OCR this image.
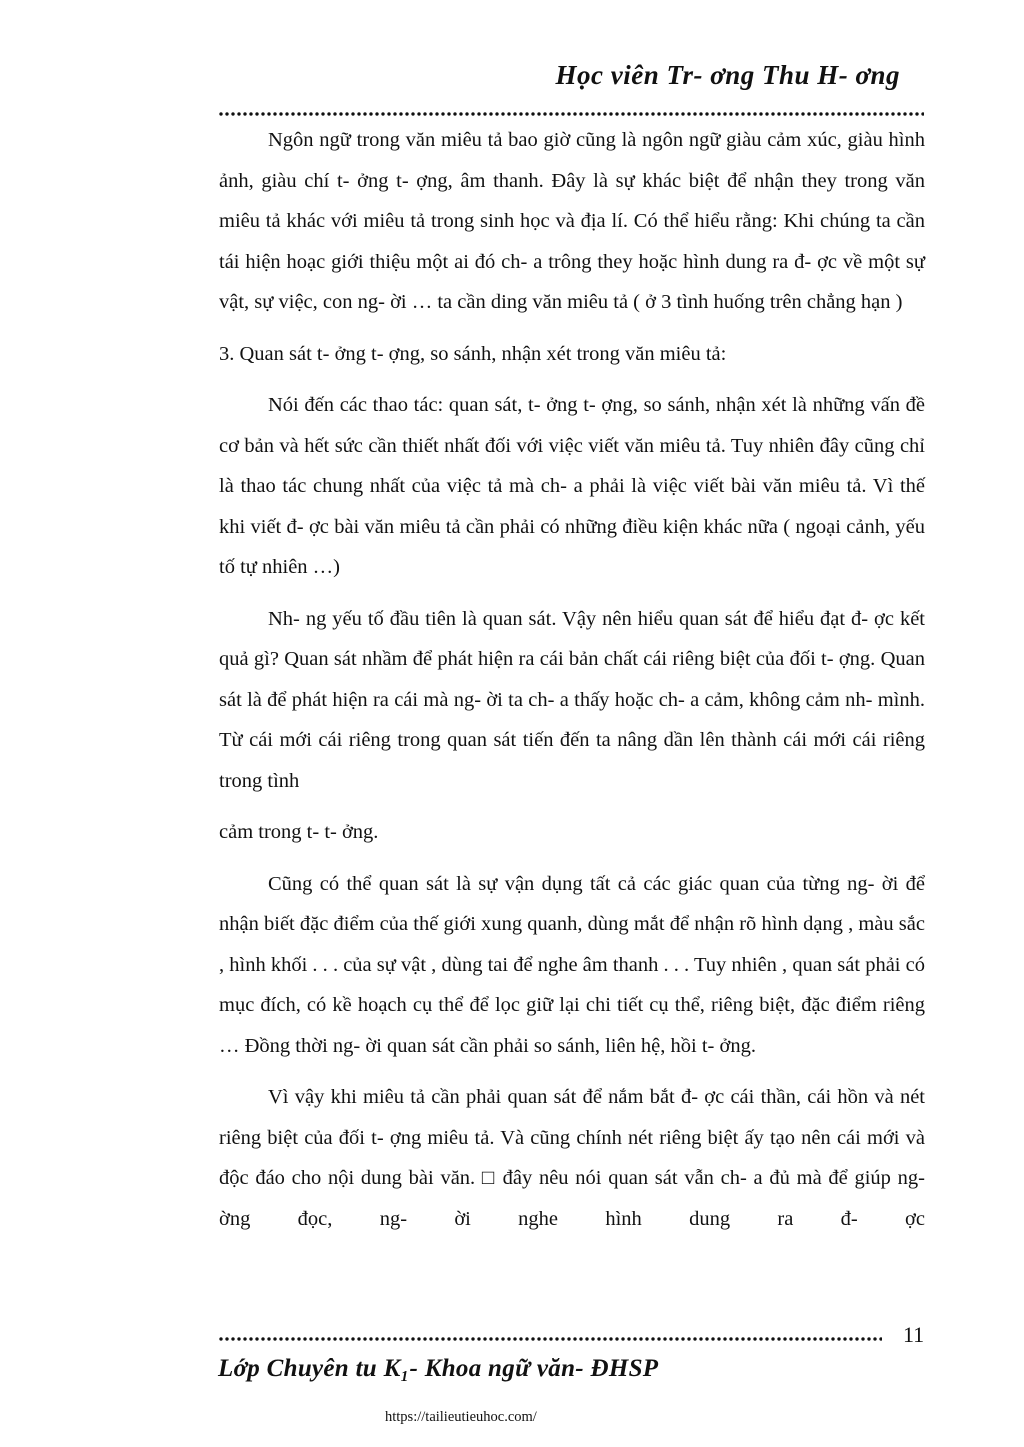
Học viên Tr- ơng Thu H- ơng

Ngôn ngữ trong văn miêu tả bao giờ cũng là ngôn ngữ giàu cảm xúc, giàu hình ảnh, giàu chí t- ởng t- ợng, âm thanh. Đây là sự khác biệt để nhận they trong văn miêu tả khác với miêu tả trong sinh học và địa lí. Có thể hiểu rằng: Khi chúng ta cần tái hiện hoạc giới thiệu một ai đó ch- a trông they hoặc hình dung ra đ- ợc về một sự vật, sự việc, con ng- ời … ta cần ding văn miêu tả ( ở 3 tình huống trên chẳng hạn )

3. Quan sát t- ởng t- ợng, so sánh, nhận xét trong văn miêu tả:

Nói đến các thao tác: quan sát, t- ởng t- ợng, so sánh, nhận xét là những vấn đề cơ bản và hết sức cần thiết nhất đối với việc viết văn miêu tả. Tuy nhiên đây cũng chỉ là thao tác chung nhất của việc tả mà ch- a phải là việc viết bài văn miêu tả. Vì thế khi viết đ- ợc bài văn miêu tả cần phải có những điều kiện khác nữa ( ngoại cảnh, yếu tố tự nhiên …)

Nh- ng yếu tố đầu tiên là quan sát. Vậy nên hiểu quan sát để hiểu đạt đ- ợc kết quả gì? Quan sát nhầm để phát hiện ra cái bản chất cái riêng biệt của đối t- ợng. Quan sát là để phát hiện ra cái mà ng- ời ta ch- a thấy hoặc ch- a cảm, không cảm nh- mình. Từ cái mới cái riêng trong quan sát tiến đến ta nâng dần lên thành cái mới cái riêng trong tình

cảm trong t- t- ởng.

Cũng có thể quan sát là sự vận dụng tất cả các giác quan của từng ng- ời để nhận biết đặc điểm của thế giới xung quanh, dùng mắt để nhận rõ hình dạng , màu sắc , hình khối . . . của sự vật , dùng tai để nghe âm thanh . . . Tuy nhiên , quan sát phải có mục đích, có kề hoạch cụ thể để lọc giữ lại chi tiết cụ thể, riêng biệt, đặc điểm riêng … Đồng thời ng- ời quan sát cần phải so sánh, liên hệ, hồi t- ởng.

Vì vậy khi miêu tả cần phải quan sát để nắm bắt đ- ợc cái thần, cái hồn và nét riêng biệt của đối t- ợng miêu tả. Và cũng chính nét riêng biệt ấy tạo nên cái mới và độc đáo cho nội dung bài văn. □ đây nêu nói quan sát vẫn ch- a đủ mà để giúp ng- ờng đọc, ng- ời nghe hình dung ra đ- ợc

11
Lớp Chuyên tu K₁- Khoa ngữ văn- ĐHSP
https://tailieutieuhoc.com/
